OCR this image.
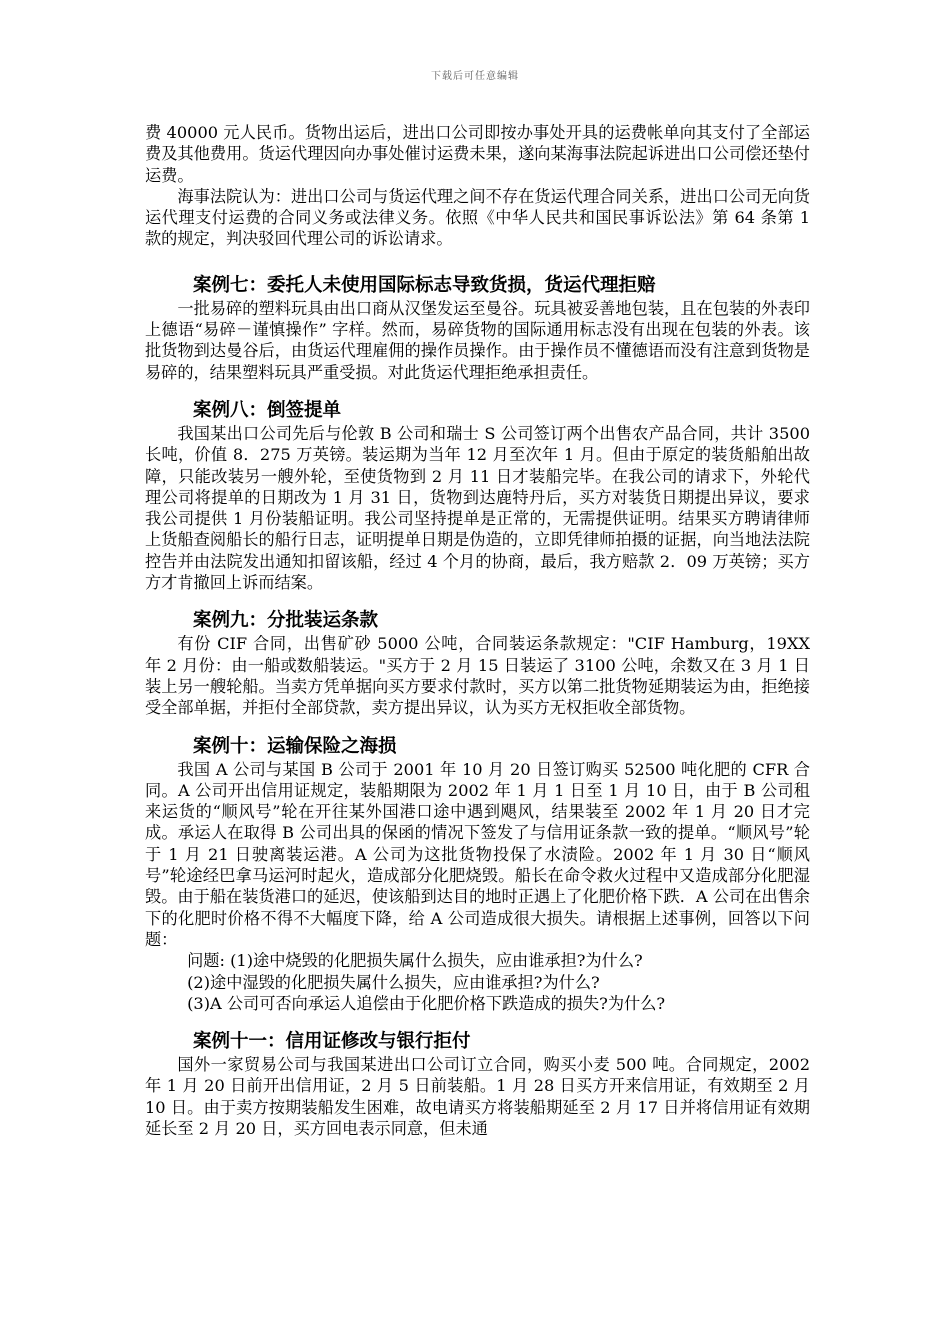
下载后可任意编辑

费 40000 元人民币。货物出运后，进出口公司即按办事处开具的运费帐单向其支付了全部运费及其他费用。货运代理因向办事处催讨运费未果，遂向某海事法院起诉进出口公司偿还垫付运费。

海事法院认为：进出口公司与货运代理之间不存在货运代理合同关系，进出口公司无向货运代理支付运费的合同义务或法律义务。依照《中华人民共和国民事诉讼法》第 64 条第 1 款的规定，判决驳回代理公司的诉讼请求。

案例七：委托人未使用国际标志导致货损，货运代理拒赔

一批易碎的塑料玩具由出口商从汉堡发运至曼谷。玩具被妥善地包装，且在包装的外表印上德语“易碎－谨慎操作” 字样。然而，易碎货物的国际通用标志没有出现在包装的外表。该批货物到达曼谷后，由货运代理雇佣的操作员操作。由于操作员不懂德语而没有注意到货物是易碎的，结果塑料玩具严重受损。对此货运代理拒绝承担责任。

案例八：倒签提单

我国某出口公司先后与伦敦 B 公司和瑞士 S 公司签订两个出售农产品合同，共计 3500 长吨，价值 8．275 万英镑。装运期为当年 12 月至次年 1 月。但由于原定的装货船舶出故障，只能改装另一艘外轮，至使货物到 2 月 11 日才装船完毕。在我公司的请求下，外轮代理公司将提单的日期改为 1 月 31 日，货物到达鹿特丹后，买方对装货日期提出异议，要求我公司提供 1 月份装船证明。我公司坚持提单是正常的，无需提供证明。结果买方聘请律师上货船查阅船长的船行日志，证明提单日期是伪造的，立即凭律师拍摄的证据，向当地法法院控告并由法院发出通知扣留该船，经过 4 个月的协商，最后，我方赔款 2．09 万英镑；买方方才肯撤回上诉而结案。

案例九：分批装运条款

有份 CIF 合同，出售矿砂 5000 公吨，合同装运条款规定："CIF Hamburg，19XX 年 2 月份：由一船或数船装运。"买方于 2 月 15 日装运了 3100 公吨，余数又在 3 月 1 日装上另一艘轮船。当卖方凭单据向买方要求付款时，买方以第二批货物延期装运为由，拒绝接受全部单据，并拒付全部贷款，卖方提出异议，认为买方无权拒收全部货物。

案例十：运输保险之海损

我国 A 公司与某国 B 公司于 2001 年 10 月 20 日签订购买 52500 吨化肥的 CFR 合同。A 公司开出信用证规定，装船期限为 2002 年 1 月 1 日至 1 月 10 日，由于 B 公司租来运货的“顺风号”轮在开往某外国港口途中遇到飓风，结果装至 2002 年 1 月 20 日才完成。承运人在取得 B 公司出具的保函的情况下签发了与信用证条款一致的提单。“顺风号”轮于 1 月 21 日驶离装运港。A 公司为这批货物投保了水渍险。2002 年 1 月 30 日“顺风号”轮途经巴拿马运河时起火，造成部分化肥烧毁。船长在命令救火过程中又造成部分化肥湿毁。由于船在装货港口的延迟，使该船到达目的地时正遇上了化肥价格下跌．A 公司在出售余下的化肥时价格不得不大幅度下降，给 A 公司造成很大损失。请根据上述事例，回答以下问题：

问题: (1)途中烧毁的化肥损失属什么损失，应由谁承担?为什么?

(2)途中湿毁的化肥损失属什么损失，应由谁承担?为什么?

(3)A 公司可否向承运人追偿由于化肥价格下跌造成的损失?为什么?

案例十一：信用证修改与银行拒付

国外一家贸易公司与我国某进出口公司订立合同，购买小麦 500 吨。合同规定，2002 年 1 月 20 日前开出信用证，2 月 5 日前装船。1 月 28 日买方开来信用证，有效期至 2 月 10 日。由于卖方按期装船发生困难，故电请买方将装船期延至 2 月 17 日并将信用证有效期延长至 2 月 20 日，买方回电表示同意，但未通
